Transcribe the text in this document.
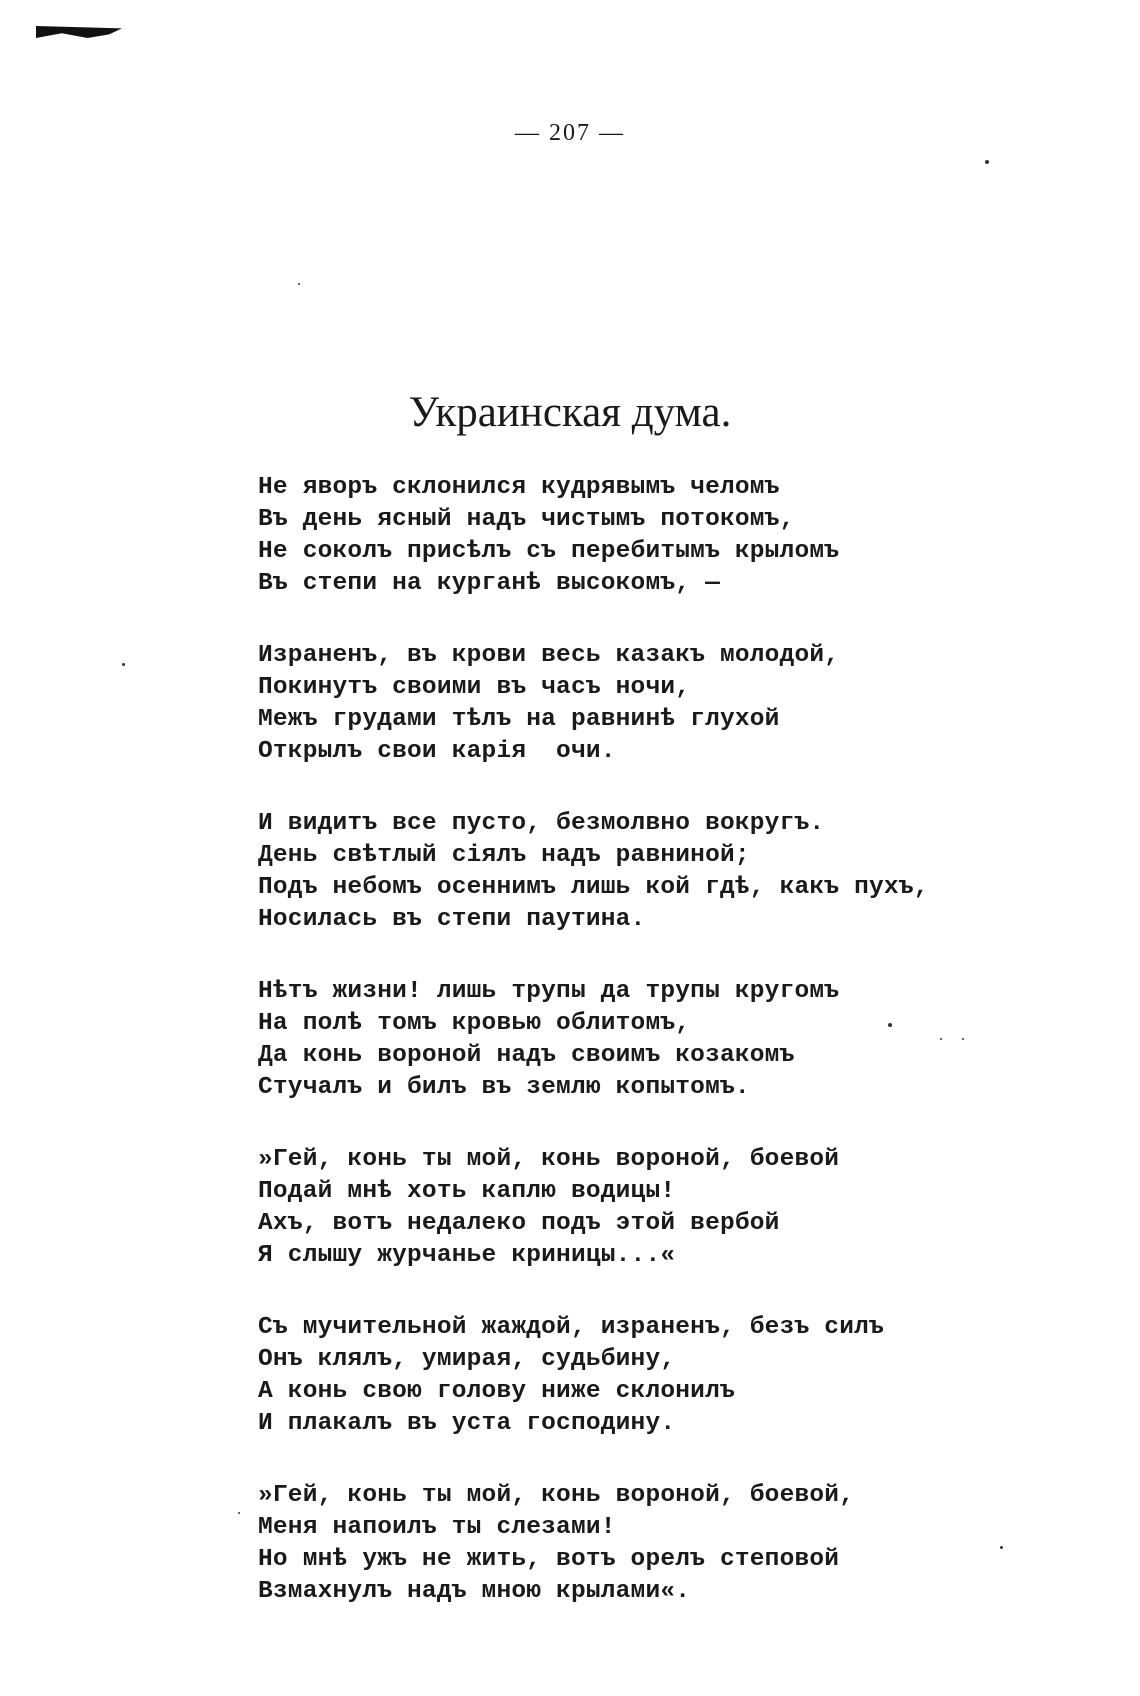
— 207 —
Украинская дума.
Не яворъ склонился кудрявымъ челомъ
Въ день ясный надъ чистымъ потокомъ,
Не соколъ присѣлъ съ перебитымъ крыломъ
Въ степи на курганѣ высокомъ, —
Израненъ, въ крови весь казакъ молодой,
Покинутъ своими въ часъ ночи,
Межъ грудами тѣлъ на равнинѣ глухой
Открылъ свои карія  очи.
И видитъ все пусто, безмолвно вокругъ.
День свѣтлый сіялъ надъ равниной;
Подъ небомъ осеннимъ лишь кой гдѣ, какъ пухъ,
Носилась въ степи паутина.
Нѣтъ жизни! лишь трупы да трупы кругомъ
На полѣ томъ кровью облитомъ,
Да конь вороной надъ своимъ козакомъ
Стучалъ и билъ въ землю копытомъ.
»Гей, конь ты мой, конь вороной, боевой
Подай мнѣ хоть каплю водицы!
Ахъ, вотъ недалеко подъ этой вербой
Я слышу журчанье криницы...«
Съ мучительной жаждой, израненъ, безъ силъ
Онъ клялъ, умирая, судьбину,
А конь свою голову ниже склонилъ
И плакалъ въ уста господину.
»Гей, конь ты мой, конь вороной, боевой,
Меня напоилъ ты слезами!
Но мнѣ ужъ не жить, вотъ орелъ степовой
Взмахнулъ надъ мною крылами«.
